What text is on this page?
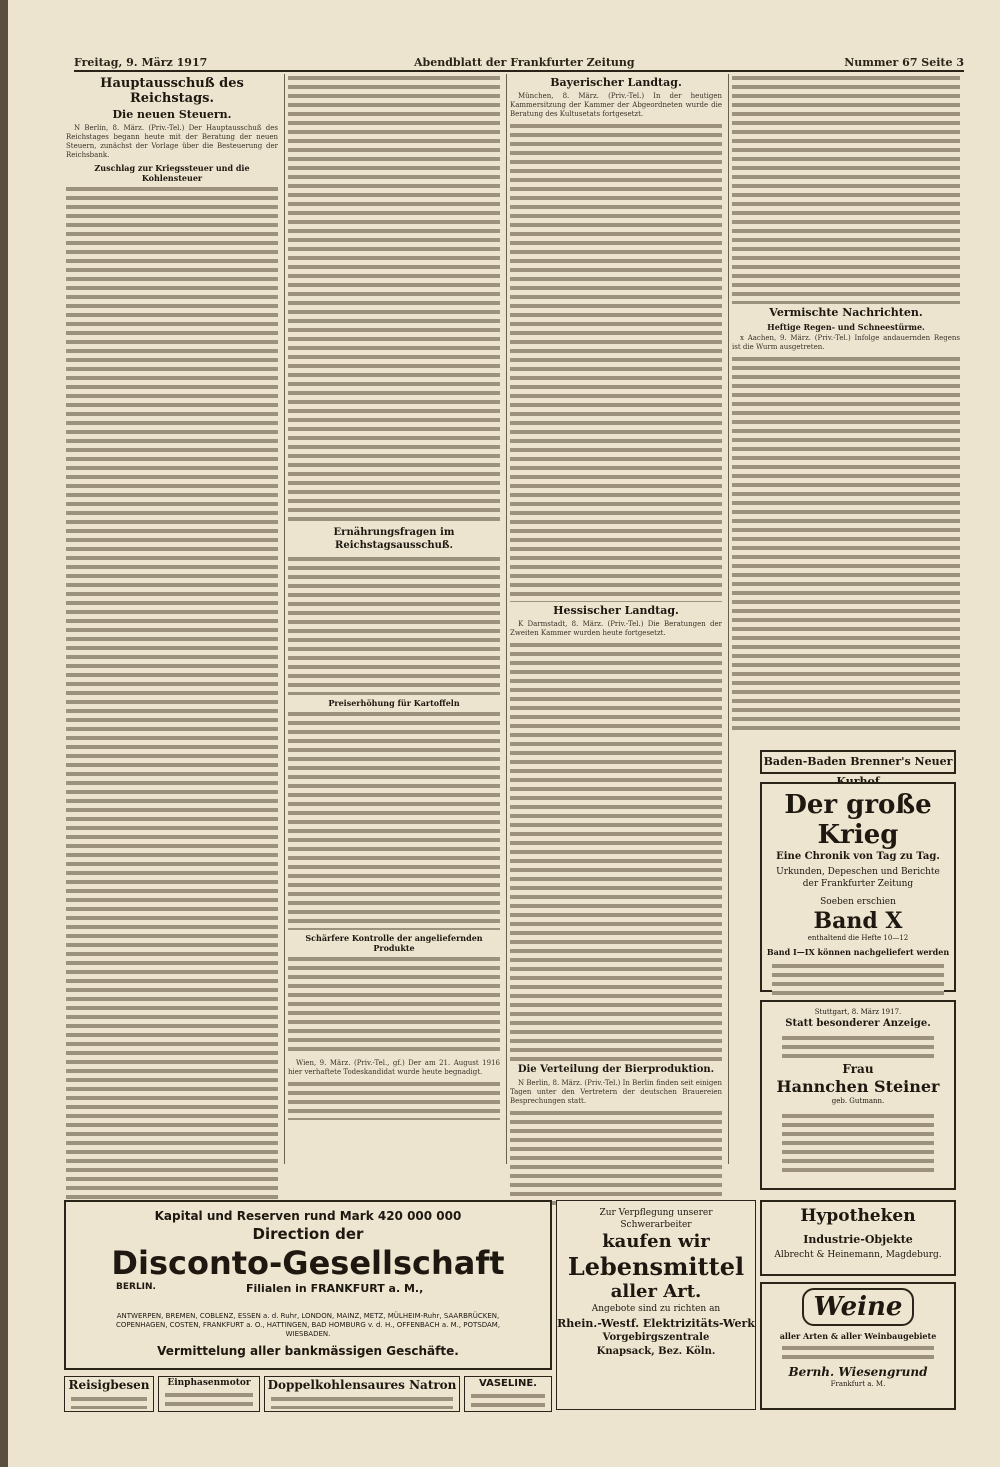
Freitag, 9. März 1917	Abendblatt der Frankfurter Zeitung	Nummer 67 Seite 3
Hauptausschuß des Reichstags.
Die neuen Steuern.

N Berlin, 8. März. (Priv.-Tel.) Der Hauptausschuß des Reichstages begann heute mit der Beratung der neuen Steuern, zunächst der Vorlage über die Besteuerung der Reichsbank.

Zuschlag zur Kriegssteuer und die Kohlensteuer
Ernährungsfragen im Reichstagsausschuß.
Preiserhöhung für Kartoffeln
Schärfere Kontrolle der angeliefernden Produkte

Wien, 9. März. (Priv.-Tel., gf.) Der am 21. August 1916 hier verhaftete Todeskandidat wurde heute begnadigt.

Bayerischer Landtag.

München, 8. März. (Priv.-Tel.) In der heutigen Kammersitzung der Kammer der Abgeordneten wurde die Beratung des Kultusetats fortgesetzt.

Hessischer Landtag.

K Darmstadt, 8. März. (Priv.-Tel.) Die Beratungen der Zweiten Kammer wurden heute fortgesetzt.

Die Verteilung der Bierproduktion.

N Berlin, 8. März. (Priv.-Tel.) In Berlin finden seit einigen Tagen unter den Vertretern der deutschen Brauereien Besprechungen statt.

Vermischte Nachrichten.
Heftige Regen- und Schneestürme.

x Aachen, 9. März. (Priv.-Tel.) Infolge andauernden Regens ist die Wurm ausgetreten.

Baden-Baden Brenner's Neuer
Der große Krieg
Eine Chronik von Tag zu Tag.
Urkunden, Depeschen und Berichte der Frankfurter Zeitung
Soeben erschien
Band X
enthaltend die Hefte 10—12
Band I—IX können nachgeliefert werden
Stuttgart, 8. März 1917.
Statt besonderer Anzeige.
Frau
Hannchen Steiner
geb. Gutmann.
Kapital und Reserven rund Mark 420 000 000
Direction der
Disconto-Gesellschaft
BERLIN.	Filialen in FRANKFURT a. M.,
ANTWERPEN, BREMEN, COBLENZ, ESSEN a. d. Ruhr, LONDON, MAINZ, METZ, MÜLHEIM-Ruhr, SAARBRÜCKEN, COPENHAGEN, COSTEN, FRANKFURT a. O., HATTINGEN, BAD HOMBURG v. d. H., OFFENBACH a. M., POTSDAM, WIESBADEN.
Vermittelung aller bankmässigen Geschäfte.
Zur Verpflegung unserer Schwerarbeiter
kaufen wir
Lebensmittel
aller Art.
Angebote sind zu richten an
Rhein.-Westf. Elektrizitäts-Werk
Vorgebirgszentrale
Knapsack, Bez. Köln.
Hypotheken
Industrie-Objekte
Albrecht & Heinemann, Magdeburg.
Weine
aller Arten & aller Weinbaugebiete
Bernh. Wiesengrund
Frankfurt a. M.
Reisigbesen	Einphasenmotor	Doppelkohlensaures Natron	VASELINE.
